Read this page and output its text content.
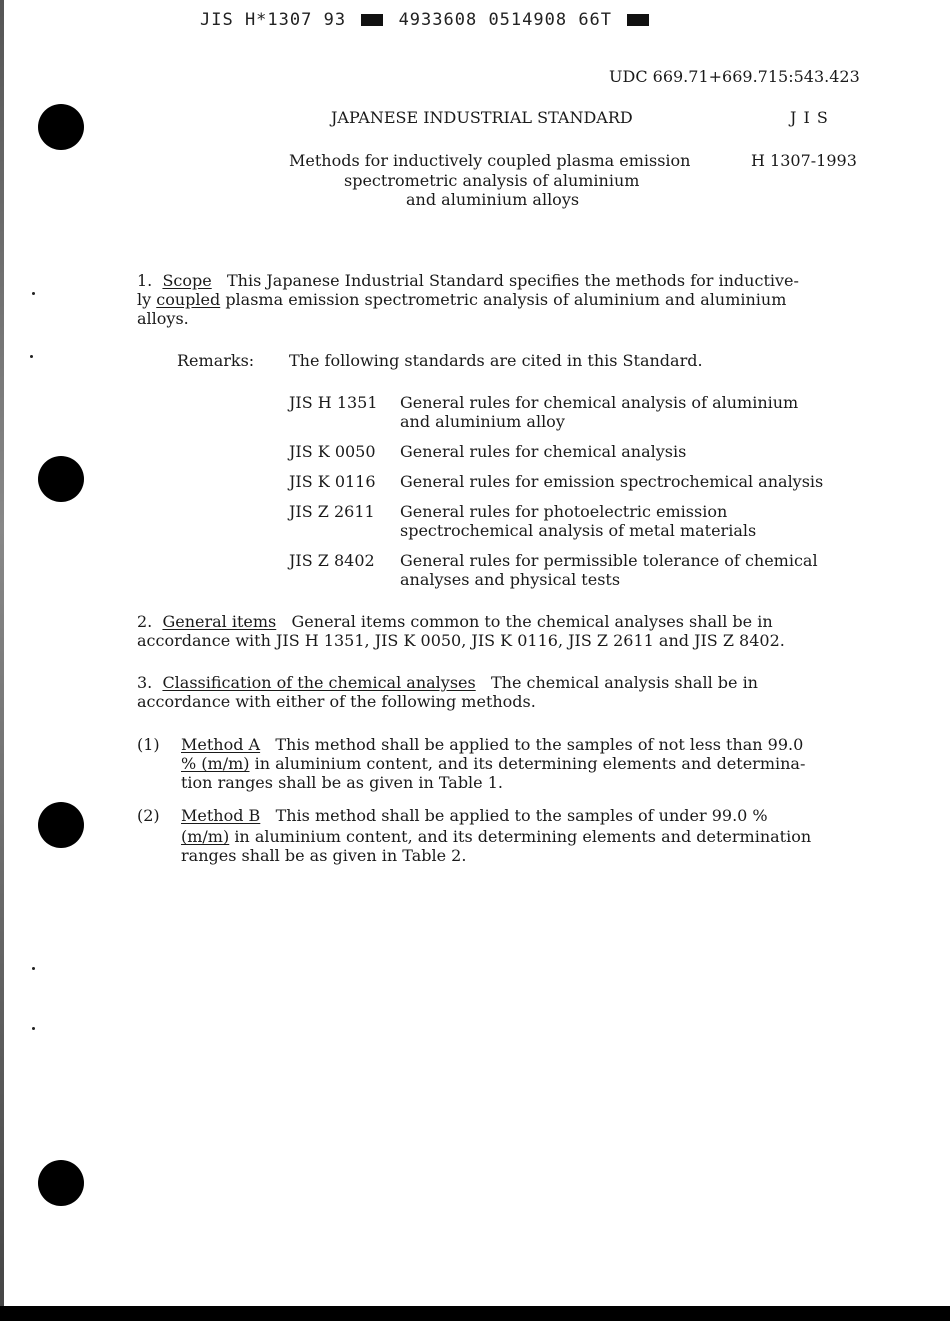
JIS H*1307 93	4933608 0514908 66T
UDC 669.71+669.715:543.423
JAPANESE INDUSTRIAL STANDARD	J I S
Methods for inductively coupled plasma emission
spectrometric analysis of aluminium
and aluminium alloys
H 1307-1993
1. Scope This Japanese Industrial Standard specifies the methods for inductive-
ly coupled plasma emission spectrometric analysis of aluminium and aluminium
alloys.
Remarks: The following standards are cited in this Standard.
JIS H 1351 General rules for chemical analysis of aluminium
and aluminium alloy
JIS K 0050 General rules for chemical analysis
JIS K 0116 General rules for emission spectrochemical analysis
JIS Z 2611 General rules for photoelectric emission
spectrochemical analysis of metal materials
JIS Z 8402 General rules for permissible tolerance of chemical
analyses and physical tests
2. General items General items common to the chemical analyses shall be in
accordance with JIS H 1351, JIS K 0050, JIS K 0116, JIS Z 2611 and JIS Z 8402.
3. Classification of the chemical analyses The chemical analysis shall be in
accordance with either of the following methods.
(1) Method A This method shall be applied to the samples of not less than 99.0
% (m/m) in aluminium content, and its determining elements and determina-
tion ranges shall be as given in Table 1.
(2) Method B This method shall be applied to the samples of under 99.0 %
(m/m) in aluminium content, and its determining elements and determination
ranges shall be as given in Table 2.
